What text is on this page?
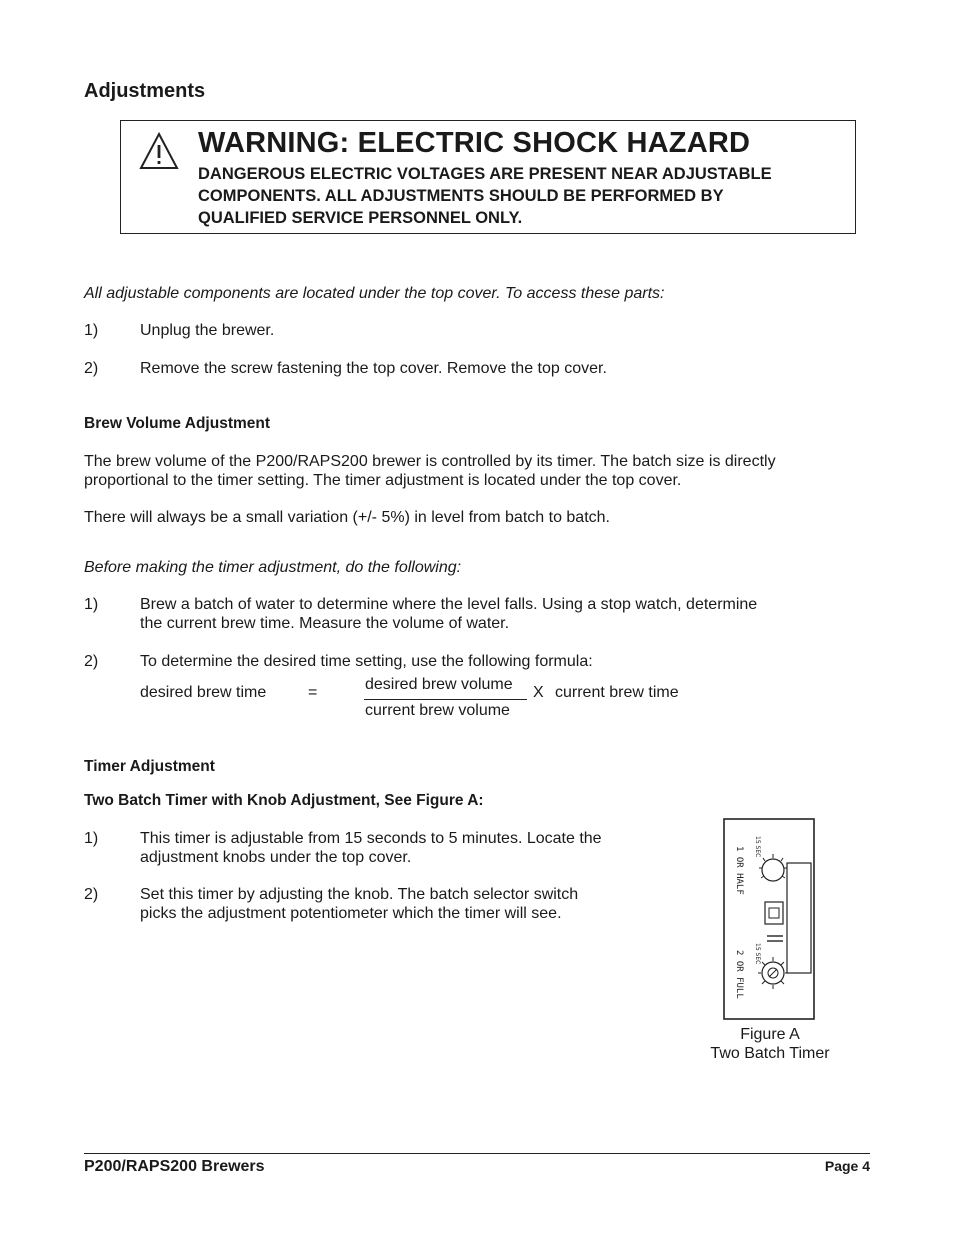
Adjustments
WARNING: ELECTRIC SHOCK HAZARD
DANGEROUS ELECTRIC VOLTAGES ARE PRESENT NEAR ADJUSTABLE
COMPONENTS. ALL ADJUSTMENTS SHOULD BE PERFORMED BY
QUALIFIED SERVICE PERSONNEL ONLY.
All adjustable components are located under the top cover. To access these parts:
1)	Unplug the brewer.
2)	Remove the screw fastening the top cover. Remove the top cover.
Brew Volume Adjustment
The brew volume of the P200/RAPS200 brewer is controlled by its timer. The batch size is directly
proportional to the timer setting. The timer adjustment is located under the top cover.
There will always be a small variation (+/- 5%) in level from batch to batch.
Before making the timer adjustment, do the following:
1)	Brew a batch of water to determine where the level falls. Using a stop watch, determine
the current brew time. Measure the volume of water.
2)	To determine the desired time setting, use the following formula:
desired brew time	=	desired brew volume
current brew volume
X current brew time
Timer Adjustment
Two Batch Timer with Knob Adjustment, See Figure A:
1)	This timer is adjustable from 15 seconds to 5 minutes. Locate the
adjustment knobs under the top cover.
2)	Set this timer by adjusting the knob. The batch selector switch
picks the adjustment potentiometer which the timer will see.
1 OR HALF
2 OR FULL
15 SEC
15 SEC
Figure A
Two Batch Timer
P200/RAPS200 Brewers	Page 4
